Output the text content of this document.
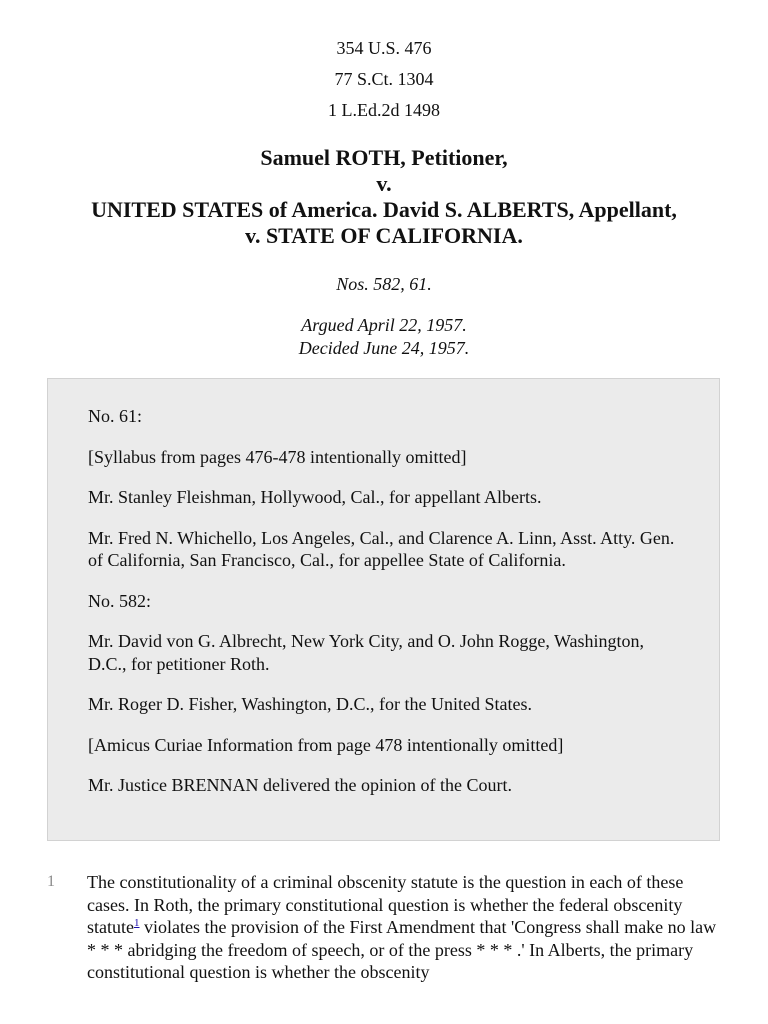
354 U.S. 476
77 S.Ct. 1304
1 L.Ed.2d 1498
Samuel ROTH, Petitioner,
v.
UNITED STATES of America. David S. ALBERTS, Appellant,
v. STATE OF CALIFORNIA.
Nos. 582, 61.
Argued April 22, 1957.
Decided June 24, 1957.

No. 61:

[Syllabus from pages 476-478 intentionally omitted]

Mr. Stanley Fleishman, Hollywood, Cal., for appellant Alberts.

Mr. Fred N. Whichello, Los Angeles, Cal., and Clarence A. Linn, Asst. Atty. Gen. of California, San Francisco, Cal., for appellee State of California.

No. 582:

Mr. David von G. Albrecht, New York City, and O. John Rogge, Washington, D.C., for petitioner Roth.

Mr. Roger D. Fisher, Washington, D.C., for the United States.

[Amicus Curiae Information from page 478 intentionally omitted]

Mr. Justice BRENNAN delivered the opinion of the Court.

1 The constitutionality of a criminal obscenity statute is the question in each of these cases. In Roth, the primary constitutional question is whether the federal obscenity statute$^1$ violates the provision of the First Amendment that 'Congress shall make no law * * * abridging the freedom of speech, or of the press * * * .' In Alberts, the primary constitutional question is whether the obscenity
